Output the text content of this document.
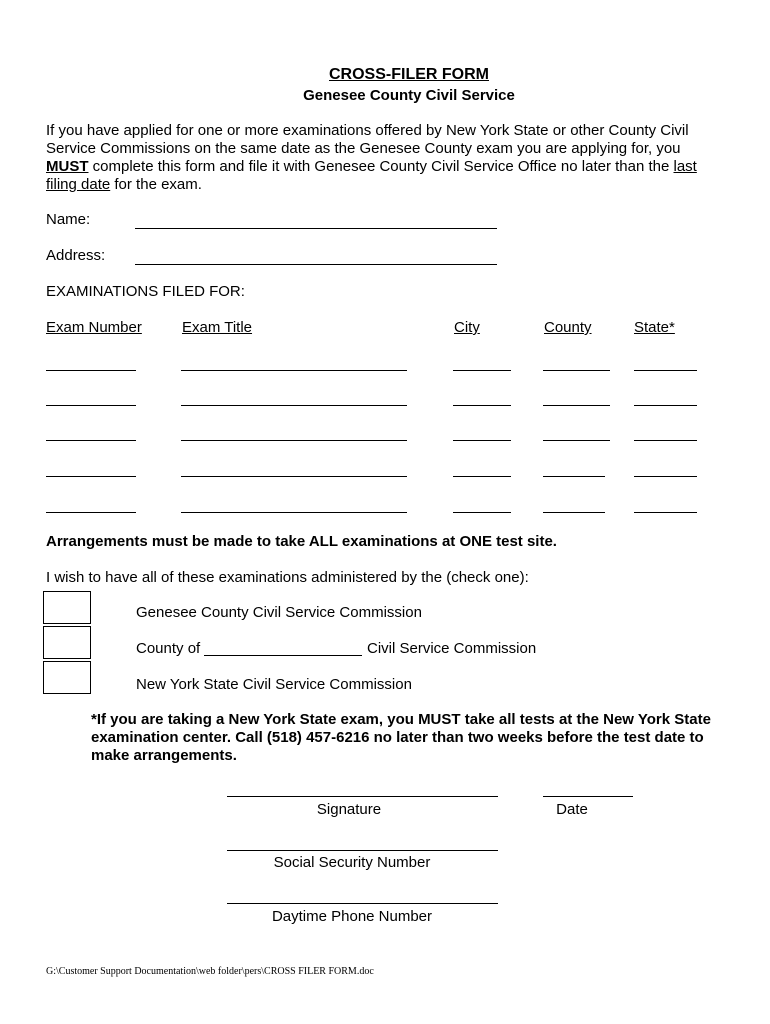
CROSS-FILER FORM
Genesee County Civil Service
If you have applied for one or more examinations offered by New York State or other County Civil Service Commissions on the same date as the Genesee County exam you are applying for, you MUST complete this form and file it with Genesee County Civil Service Office no later than the last filing date for the exam.
Name:
Address:
EXAMINATIONS FILED FOR:
Exam Number	Exam Title	City	County	State*
Arrangements must be made to take ALL examinations at ONE test site.
I wish to have all of these examinations administered by the (check one):
Genesee County Civil Service Commission
County of	Civil Service Commission
New York State Civil Service Commission
*If you are taking a New York State exam, you MUST take all tests at the New York State examination center. Call (518) 457-6216 no later than two weeks before the test date to make arrangements.
Signature	Date
Social Security Number
Daytime Phone Number
G:\Customer Support Documentation\web folder\pers\CROSS FILER FORM.doc
